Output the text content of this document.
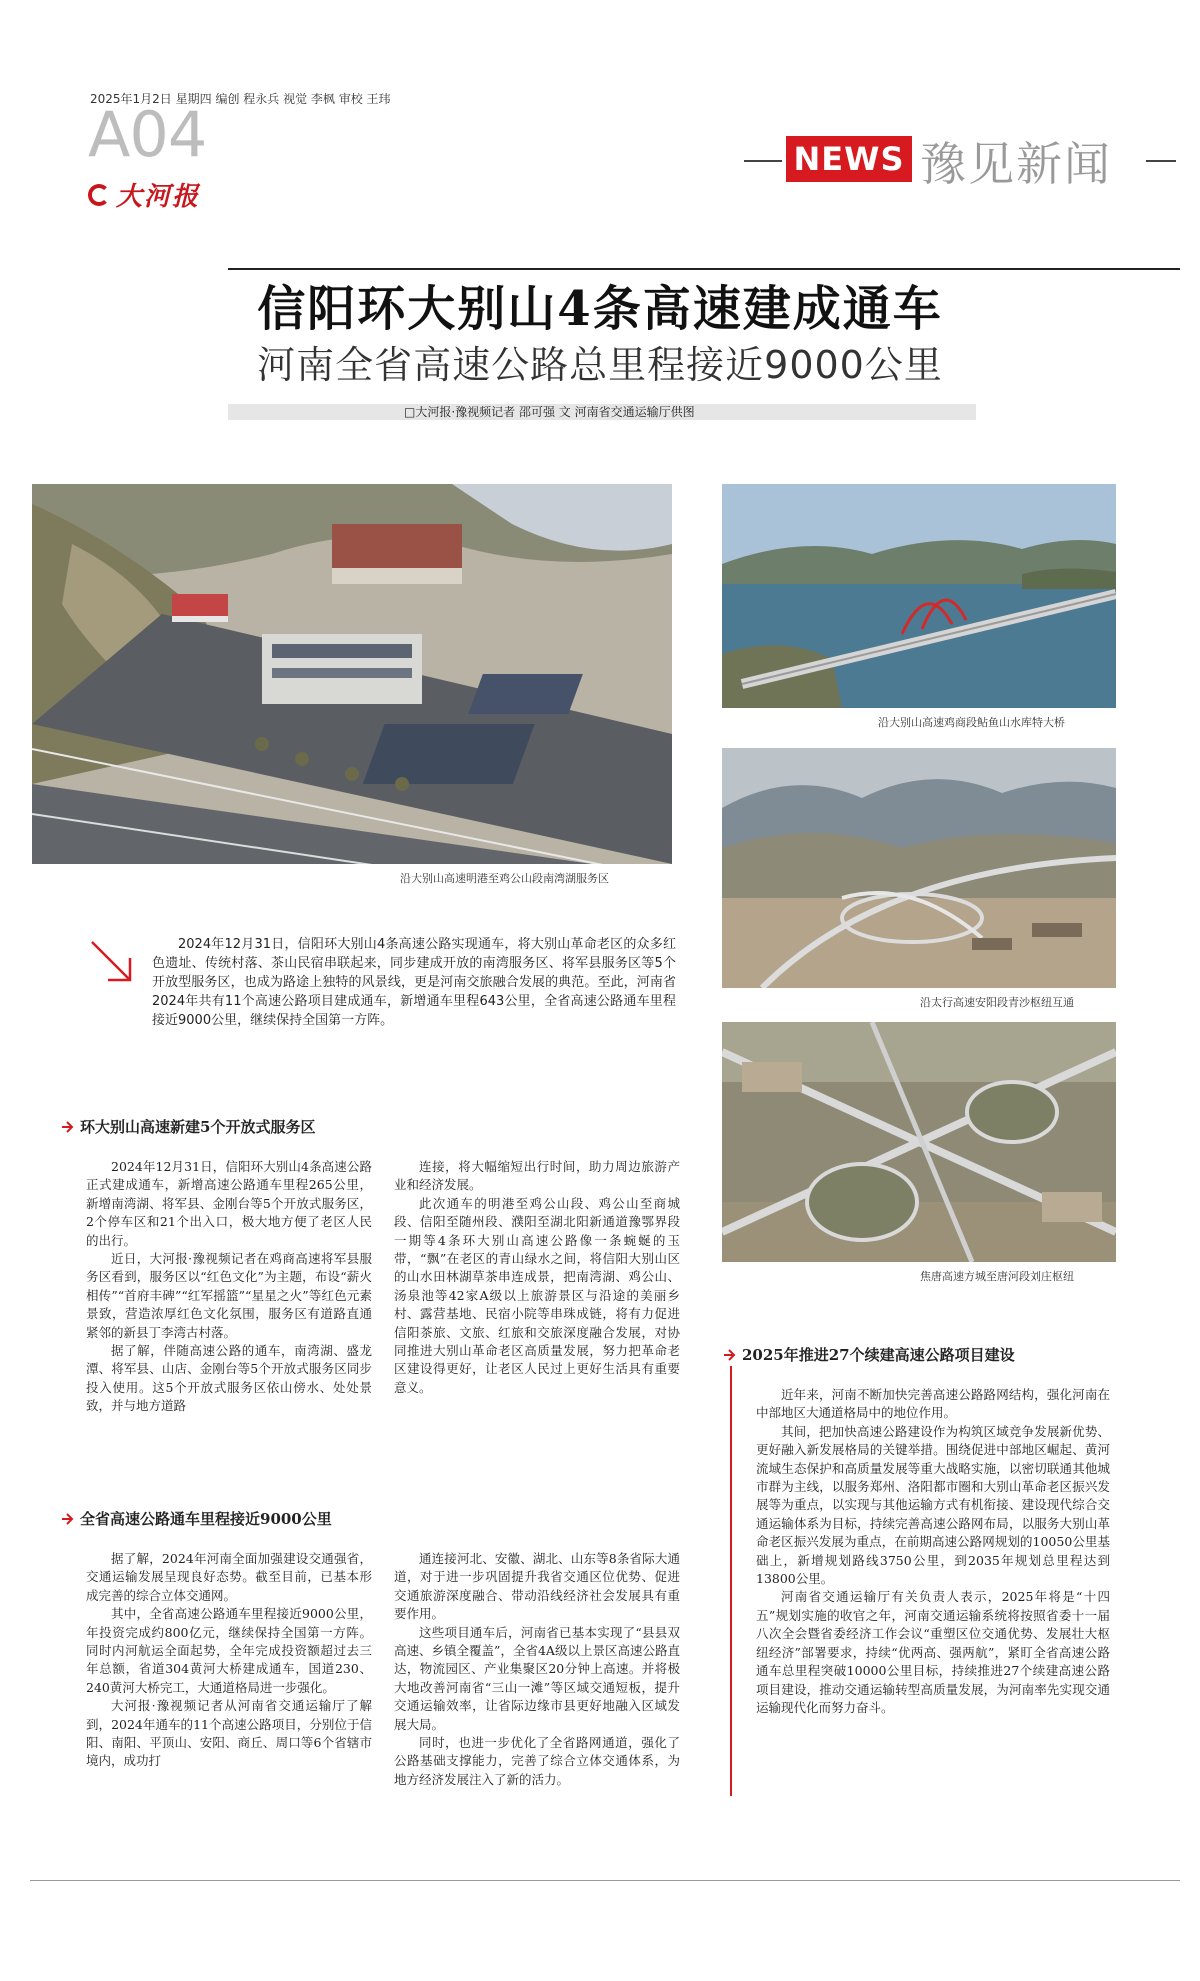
2025年1月2日 星期四 编创 程永兵 视觉 李枫 审校 王玮
A04
大河报
NEWS 豫见新闻
信阳环大别山4条高速建成通车
河南全省高速公路总里程接近9000公里
□大河报·豫视频记者 邵可强 文 河南省交通运输厅供图
沿大别山高速明港至鸡公山段南湾湖服务区
沿大别山高速鸡商段鲇鱼山水库特大桥
沿太行高速安阳段青沙枢纽互通
焦唐高速方城至唐河段刘庄枢纽
2024年12月31日，信阳环大别山4条高速公路实现通车，将大别山革命老区的众多红色遗址、传统村落、茶山民宿串联起来，同步建成开放的南湾服务区、将军县服务区等5个开放型服务区，也成为路途上独特的风景线，更是河南交旅融合发展的典范。至此，河南省2024年共有11个高速公路项目建成通车，新增通车里程643公里，全省高速公路通车里程接近9000公里，继续保持全国第一方阵。
环大别山高速新建5个开放式服务区

2024年12月31日，信阳环大别山4条高速公路正式建成通车，新增高速公路通车里程265公里，新增南湾湖、将军县、金刚台等5个开放式服务区，2个停车区和21个出入口，极大地方便了老区人民的出行。

近日，大河报·豫视频记者在鸡商高速将军县服务区看到，服务区以“红色文化”为主题，布设“薪火相传”“首府丰碑”“红军摇篮”“星星之火”等红色元素景致，营造浓厚红色文化氛围，服务区有道路直通紧邻的新县丁李湾古村落。

据了解，伴随高速公路的通车，南湾湖、盛龙潭、将军县、山店、金刚台等5个开放式服务区同步投入使用。这5个开放式服务区依山傍水、处处景致，并与地方道路

连接，将大幅缩短出行时间，助力周边旅游产业和经济发展。

此次通车的明港至鸡公山段、鸡公山至商城段、信阳至随州段、濮阳至湖北阳新通道豫鄂界段一期等4条环大别山高速公路像一条蜿蜒的玉带，“飘”在老区的青山绿水之间，将信阳大别山区的山水田林湖草茶串连成景，把南湾湖、鸡公山、汤泉池等42家A级以上旅游景区与沿途的美丽乡村、露营基地、民宿小院等串珠成链，将有力促进信阳茶旅、文旅、红旅和交旅深度融合发展，对协同推进大别山革命老区高质量发展，努力把革命老区建设得更好，让老区人民过上更好生活具有重要意义。

全省高速公路通车里程接近9000公里

据了解，2024年河南全面加强建设交通强省，交通运输发展呈现良好态势。截至目前，已基本形成完善的综合立体交通网。

其中，全省高速公路通车里程接近9000公里，年投资完成约800亿元，继续保持全国第一方阵。同时内河航运全面起势，全年完成投资额超过去三年总额，省道304黄河大桥建成通车，国道230、240黄河大桥完工，大通道格局进一步强化。

大河报·豫视频记者从河南省交通运输厅了解到，2024年通车的11个高速公路项目，分别位于信阳、南阳、平顶山、安阳、商丘、周口等6个省辖市境内，成功打

通连接河北、安徽、湖北、山东等8条省际大通道，对于进一步巩固提升我省交通区位优势、促进交通旅游深度融合、带动沿线经济社会发展具有重要作用。

这些项目通车后，河南省已基本实现了“县县双高速、乡镇全覆盖”，全省4A级以上景区高速公路直达，物流园区、产业集聚区20分钟上高速。并将极大地改善河南省“三山一滩”等区域交通短板，提升交通运输效率，让省际边缘市县更好地融入区域发展大局。

同时，也进一步优化了全省路网通道，强化了公路基础支撑能力，完善了综合立体交通体系，为地方经济发展注入了新的活力。

2025年推进27个续建高速公路项目建设

近年来，河南不断加快完善高速公路路网结构，强化河南在中部地区大通道格局中的地位作用。

其间，把加快高速公路建设作为构筑区域竞争发展新优势、更好融入新发展格局的关键举措。围绕促进中部地区崛起、黄河流域生态保护和高质量发展等重大战略实施，以密切联通其他城市群为主线，以服务郑州、洛阳都市圈和大别山革命老区振兴发展等为重点，以实现与其他运输方式有机衔接、建设现代综合交通运输体系为目标，持续完善高速公路网布局，以服务大别山革命老区振兴发展为重点，在前期高速公路网规划的10050公里基础上，新增规划路线3750公里，到2035年规划总里程达到13800公里。

河南省交通运输厅有关负责人表示，2025年将是“十四五”规划实施的收官之年，河南交通运输系统将按照省委十一届八次全会暨省委经济工作会议“重塑区位交通优势、发展壮大枢纽经济”部署要求，持续“优两高、强两航”，紧盯全省高速公路通车总里程突破10000公里目标，持续推进27个续建高速公路项目建设，推动交通运输转型高质量发展，为河南率先实现交通运输现代化而努力奋斗。
